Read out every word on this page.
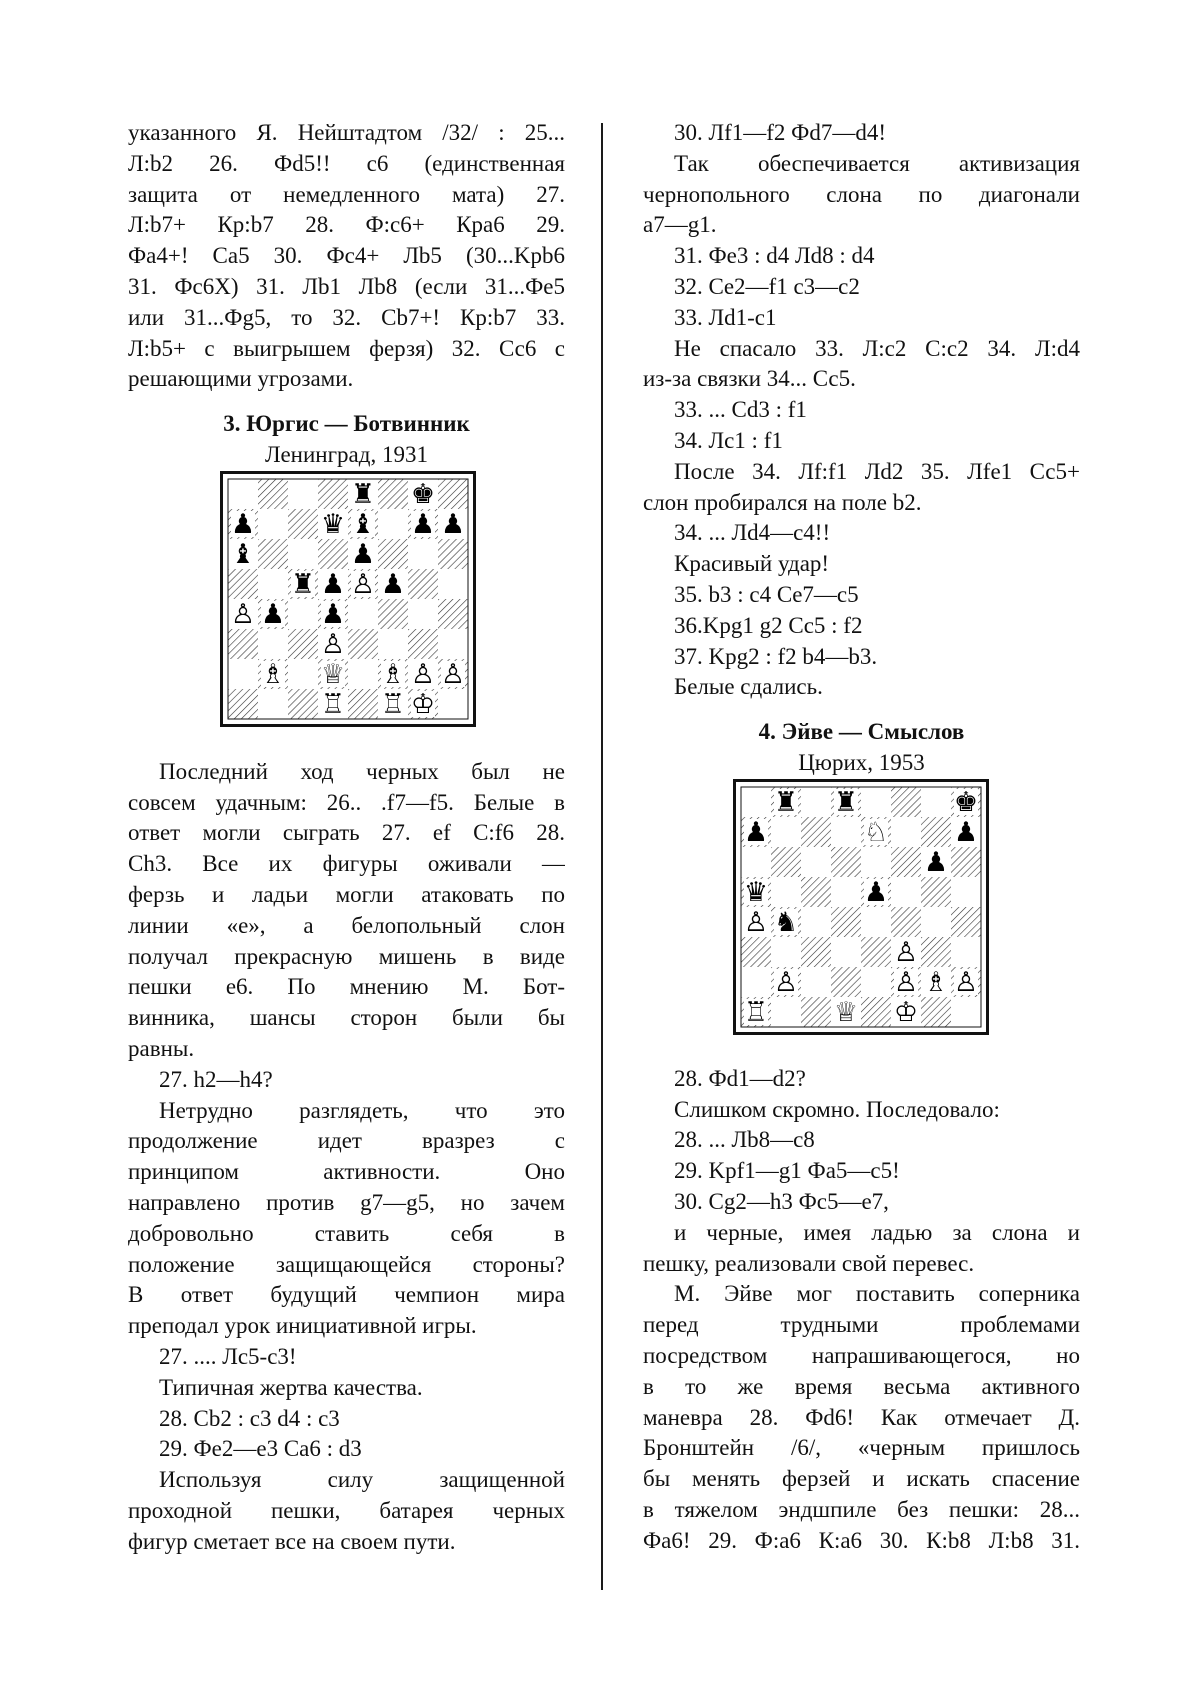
указанного Я. Нейштадтом /32/ : 25...
Л:b2 26. Фd5!! c6 (единственная
защита от немедленного мата) 27.
Л:b7+ Кр:b7 28. Ф:c6+ Кра6 29.
Фa4+! Са5 30. Фс4+ Лb5 (30...Kpb6
31. Фс6Х) 31. Лb1 Лb8 (если 31...Фе5
или 31...Фg5, то 32. Cb7+! Кр:b7 33.
Л:b5+ с выигрышем ферзя) 32. Сс6 с
решающими угрозами.
3. Юргис — Ботвинник
Ленинград, 1931
♜ ♚
♟ ♛ ♝ ♟ ♟
♝	♟
♜ ♟ ♟
♙
♙ ♟ ♟
♙
♗ ♕ ♙ ♙
♖
♗
♖ ♔
Последний ход черных был не
совсем удачным: 26.. .f7—f5. Белые в
ответ могли сыграть 27. ef C:f6 28.
Ch3. Все их фигуры оживали —
ферзь и ладьи могли атаковать по
линии «е», а белопольный слон
получал прекрасную мишень в виде
пешки е6. По мнению М. Бот-
винника, шансы сторон были бы
равны.
27. h2—h4?
Нетрудно разглядеть, что это
продолжение идет вразрез с
принципом активности. Оно
направлено против g7—g5, но зачем
добровольно ставить себя в
положение защищающейся стороны?
В ответ будущий чемпион мира
преподал урок инициативной игры.
27. .... Лс5-с3!
Типичная жертва качества.
28. Cb2 : c3 d4 : c3
29. Фе2—е3 Са6 : d3
Используя силу защищенной
проходной пешки, батарея черных
фигур сметает все на своем пути.
30. Лf1—f2 Фd7—d4!
Так обеспечивается активизация
чернопольного слона по диагонали
a7—g1.
31. Фе3 : d4 Лd8 : d4
32. Ce2—f1 c3—c2
33. Лd1-c1
Не спасало 33. Л:с2 С:с2 34. Л:d4
из-за связки 34... Сс5.
33. ... Cd3 : f1
34. Лc1 : f1
После 34. Лf:f1 Лd2 35. Лfe1 Сс5+
слон пробирался на поле b2.
34. ... Лd4—c4!!
Красивый удар!
35. b3 : c4 Ce7—c5
36.Kpg1 g2 Cc5 : f2
37. Kpg2 : f2 b4—b3.
Белые сдались.
4. Эйве — Смыслов
Цюрих, 1953
♜ ♜	♚
♟	♘ ♟
♟
♛	♟
♙ ♞
♙
♙	♙ ♗ ♙
♖ ♕ ♔
28. Фd1—d2?
Слишком скромно. Последовало:
28. ... Лb8—c8
29. Kpf1—g1 Фa5—c5!
30. Cg2—h3 Фс5—е7,
и черные, имея ладью за слона и
пешку, реализовали свой перевес.
М. Эйве мог поставить соперника
перед трудными проблемами
посредством напрашивающегося, но
в то же время весьма активного
маневра 28. Фd6! Как отмечает Д.
Бронштейн /6/, «черным пришлось
бы менять ферзей и искать спасение
в тяжелом эндшпиле без пешки: 28...
Фа6! 29. Ф:а6 К:а6 30. К:b8 Л:b8 31.
